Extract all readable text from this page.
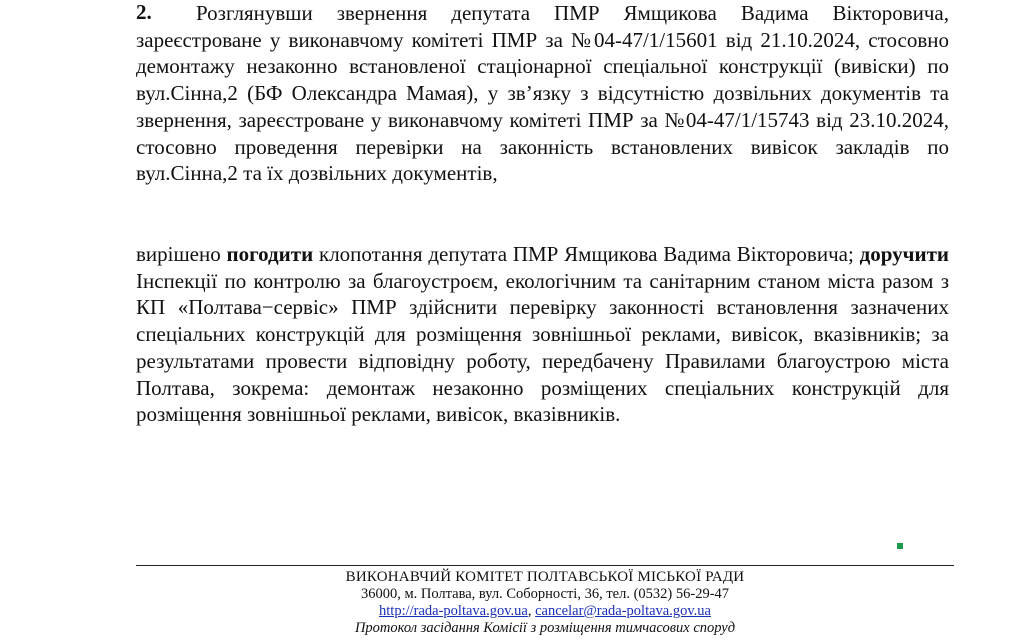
2.	Розглянувши звернення депутата ПМР Ямщикова Вадима Вікторовича, зареєстроване у виконавчому комітеті ПМР за №04-47/1/15601 від 21.10.2024, стосовно демонтажу незаконно встановленої стаціонарної спеціальної конструкції (вивіски) по вул.Сінна,2 (БФ Олександра Мамая), у зв’язку з відсутністю дозвільних документів та звернення, зареєстроване у виконавчому комітеті ПМР за №04-47/1/15743 від 23.10.2024, стосовно проведення перевірки на законність встановлених вивісок закладів по вул.Сінна,2 та їх дозвільних документів,

вирішено погодити клопотання депутата ПМР Ямщикова Вадима Вікторовича; доручити Інспекції по контролю за благоустроєм, екологічним та санітарним станом міста разом з КП «Полтава−сервіс» ПМР здійснити перевірку законності встановлення зазначених спеціальних конструкцій для розміщення зовнішньої реклами, вивісок, вказівників; за результатами провести відповідну роботу, передбачену Правилами благоустрою міста Полтава, зокрема: демонтаж незаконно розміщених спеціальних конструкцій для розміщення зовнішньої реклами, вивісок, вказівників.

ВИКОНАВЧИЙ КОМІТЕТ ПОЛТАВСЬКОЇ МІСЬКОЇ РАДИ
36000, м. Полтава, вул. Соборності, 36, тел. (0532) 56-29-47
http://rada-poltava.gov.ua, cancelar@rada-poltava.gov.ua
Протокол засідання Комісії з розміщення тимчасових споруд
